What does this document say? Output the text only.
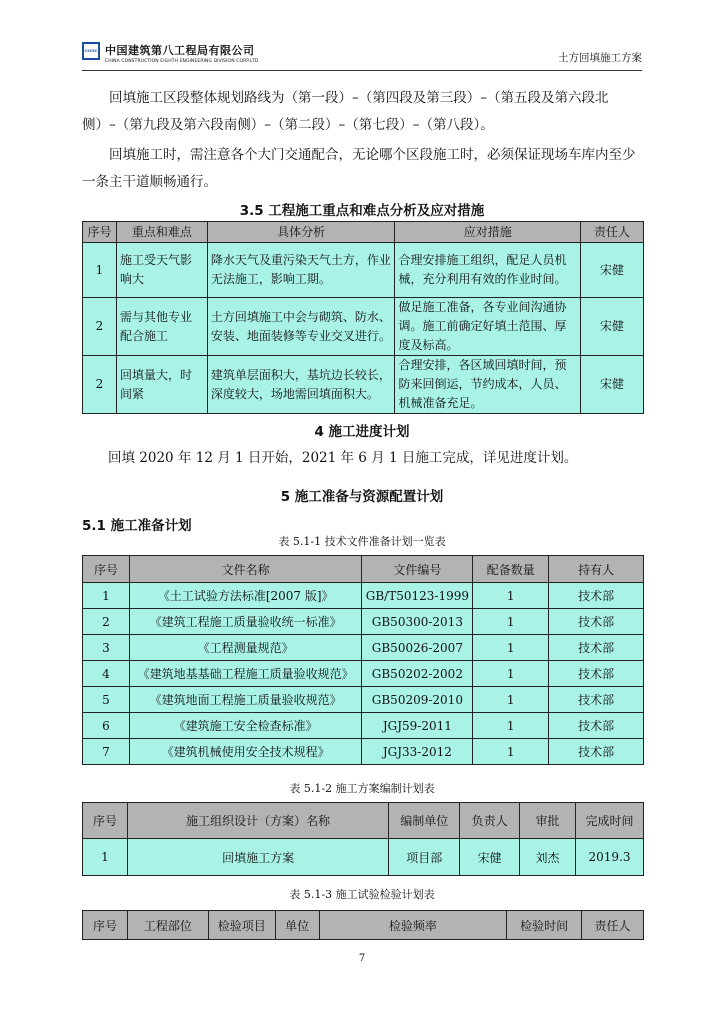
CSCEC 中国建筑第八工程局有限公司
CHINA CONSTRUCTION EIGHTH ENGINEERING DIVISION CORP.LTD	土方回填施工方案
回填施工区段整体规划路线为（第一段）–（第四段及第三段）–（第五段及第六段北侧）–（第九段及第六段南侧）–（第二段）–（第七段）–（第八段）。
回填施工时，需注意各个大门交通配合，无论哪个区段施工时，必须保证现场车库内至少一条主干道顺畅通行。
3.5 工程施工重点和难点分析及应对措施
序号	重点和难点	具体分析	应对措施	责任人
1	施工受天气影响大	降水天气及重污染天气土方，作业无法施工，影响工期。	合理安排施工组织，配足人员机械，充分利用有效的作业时间。	宋健
2	需与其他专业配合施工	土方回填施工中会与砌筑、防水、安装、地面装修等专业交叉进行。	做足施工准备，各专业间沟通协调。施工前确定好填土范围、厚度及标高。	宋健
2	回填量大，时 间紧	建筑单层面积大，基坑边长较长，深度较大，场地需回填面积大。	合理安排，各区域回填时间，预防来回倒运，节约成本，人员、机械准备充足。	宋健
4 施工进度计划
回填 2020 年 12 月 1 日开始，2021 年 6 月 1 日施工完成，详见进度计划。
5 施工准备与资源配置计划
5.1 施工准备计划
表 5.1-1 技术文件准备计划一览表
序号	文件名称	文件编号	配备数量	持有人
1	《土工试验方法标准[2007 版]》	GB/T50123-1999	1	技术部
2	《建筑工程施工质量验收统一标准》	GB50300-2013	1	技术部
3	《工程测量规范》	GB50026-2007	1	技术部
4	《建筑地基基础工程施工质量验收规范》	GB50202-2002	1	技术部
5	《建筑地面工程施工质量验收规范》	GB50209-2010	1	技术部
6	《建筑施工安全检查标准》	JGJ59-2011	1	技术部
7	《建筑机械使用安全技术规程》	JGJ33-2012	1	技术部
表 5.1-2 施工方案编制计划表
序号	施工组织设计（方案）名称	编制单位	负责人	审批	完成时间
1	回填施工方案	项目部	宋健	刘杰	2019.3
表 5.1-3 施工试验检验计划表
序号	工程部位	检验项目	单位	检验频率	检验时间	责任人
7
